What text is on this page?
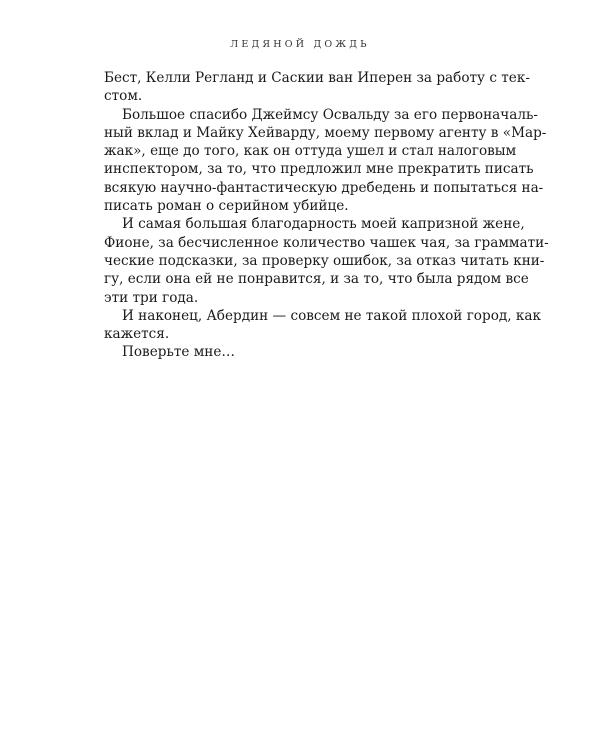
ЛЕДЯНОЙ ДОЖДЬ
Бест, Келли Регланд и Саскии ван Иперен за работу с тек-
стом.
Большое спасибо Джеймсу Освальду за его первоначаль-
ный вклад и Майку Хейварду, моему первому агенту в «Мар-
жак», еще до того, как он оттуда ушел и стал налоговым
инспектором, за то, что предложил мне прекратить писать
всякую научно-фантастическую дребедень и попытаться на-
писать роман о серийном убийце.
И самая большая благодарность моей капризной жене,
Фионе, за бесчисленное количество чашек чая, за граммати-
ческие подсказки, за проверку ошибок, за отказ читать кни-
гу, если она ей не понравится, и за то, что была рядом все
эти три года.
И наконец, Абердин — совсем не такой плохой город, как
кажется.
Поверьте мне…
